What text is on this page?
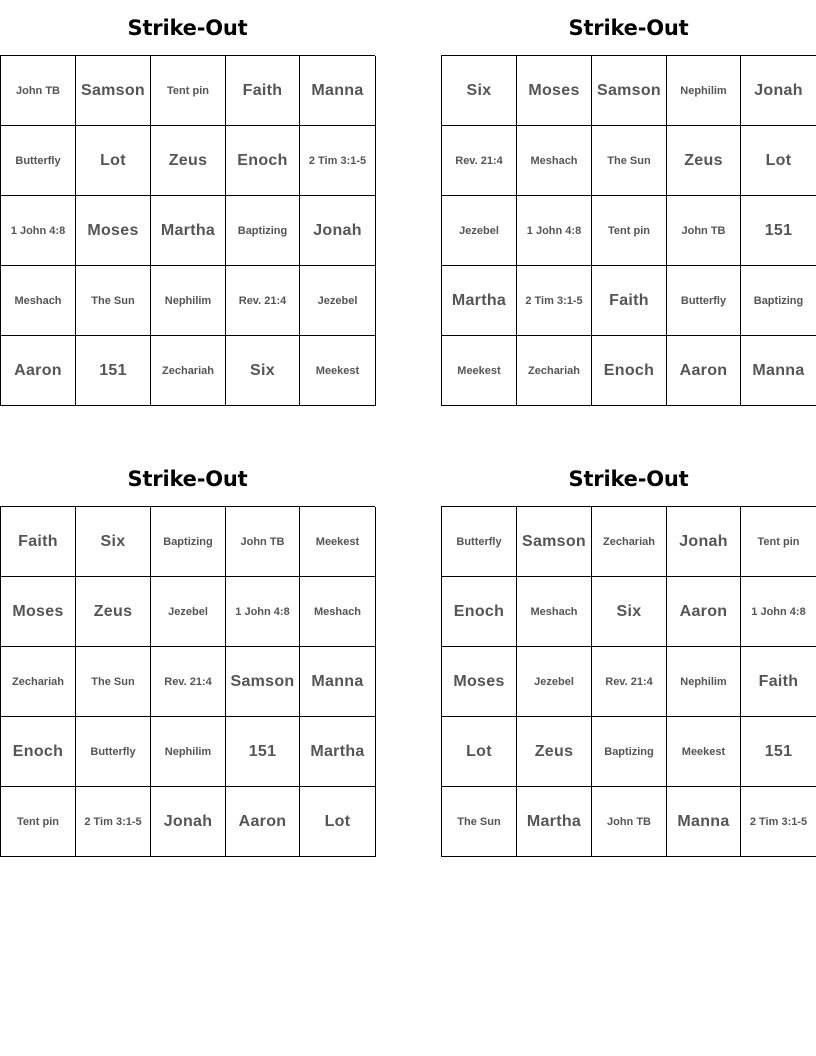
Strike-Out
John TB	Samson	Tent pin	Faith	Manna
Butterfly	Lot	Zeus	Enoch	2 Tim 3:1-5
1 John 4:8	Moses	Martha	Baptizing	Jonah
Meshach	The Sun	Nephilim	Rev. 21:4	Jezebel
Aaron	151	Zechariah	Six	Meekest
Strike-Out
Six	Moses	Samson	Nephilim	Jonah
Rev. 21:4	Meshach	The Sun	Zeus	Lot
Jezebel	1 John 4:8	Tent pin	John TB	151
Martha	2 Tim 3:1-5	Faith	Butterfly	Baptizing
Meekest	Zechariah	Enoch	Aaron	Manna
Strike-Out
Faith	Six	Baptizing	John TB	Meekest
Moses	Zeus	Jezebel	1 John 4:8	Meshach
Zechariah	The Sun	Rev. 21:4	Samson	Manna
Enoch	Butterfly	Nephilim	151	Martha
Tent pin	2 Tim 3:1-5	Jonah	Aaron	Lot
Strike-Out
Butterfly	Samson	Zechariah	Jonah	Tent pin
Enoch	Meshach	Six	Aaron	1 John 4:8
Moses	Jezebel	Rev. 21:4	Nephilim	Faith
Lot	Zeus	Baptizing	Meekest	151
The Sun	Martha	John TB	Manna	2 Tim 3:1-5
